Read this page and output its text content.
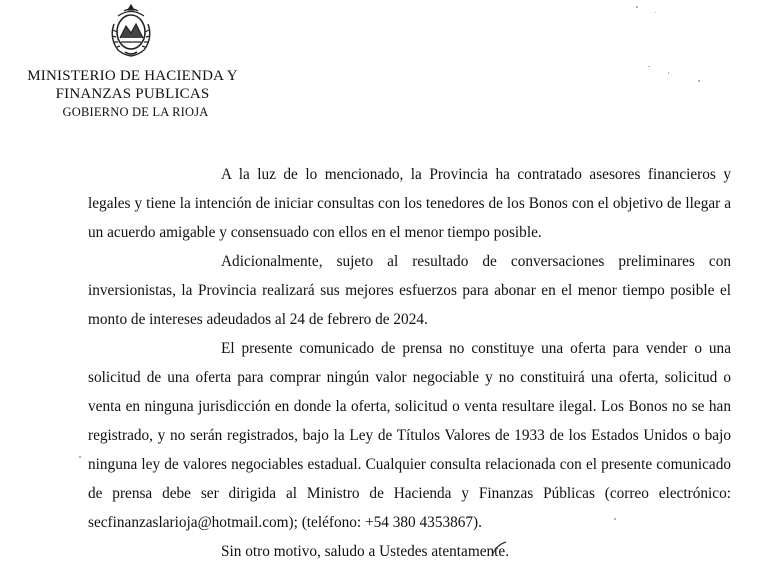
MINISTERIO DE HACIENDA Y
FINANZAS PUBLICAS
GOBIERNO DE LA RIOJA

A la luz de lo mencionado, la Provincia ha contratado asesores financieros y legales y tiene la intención de iniciar consultas con los tenedores de los Bonos con el objetivo de llegar a un acuerdo amigable y consensuado con ellos en el menor tiempo posible.

Adicionalmente, sujeto al resultado de conversaciones preliminares con inversionistas, la Provincia realizará sus mejores esfuerzos para abonar en el menor tiempo posible el monto de intereses adeudados al 24 de febrero de 2024.

El presente comunicado de prensa no constituye una oferta para vender o una solicitud de una oferta para comprar ningún valor negociable y no constituirá una oferta, solicitud o venta en ninguna jurisdicción en donde la oferta, solicitud o venta resultare ilegal. Los Bonos no se han registrado, y no serán registrados, bajo la Ley de Títulos Valores de 1933 de los Estados Unidos o bajo ninguna ley de valores negociables estadual. Cualquier consulta relacionada con el presente comunicado de prensa debe ser dirigida al Ministro de Hacienda y Finanzas Públicas (correo electrónico: secfinanzaslarioja@hotmail.com); (teléfono: +54 380 4353867).

Sin otro motivo, saludo a Ustedes atentamente.
